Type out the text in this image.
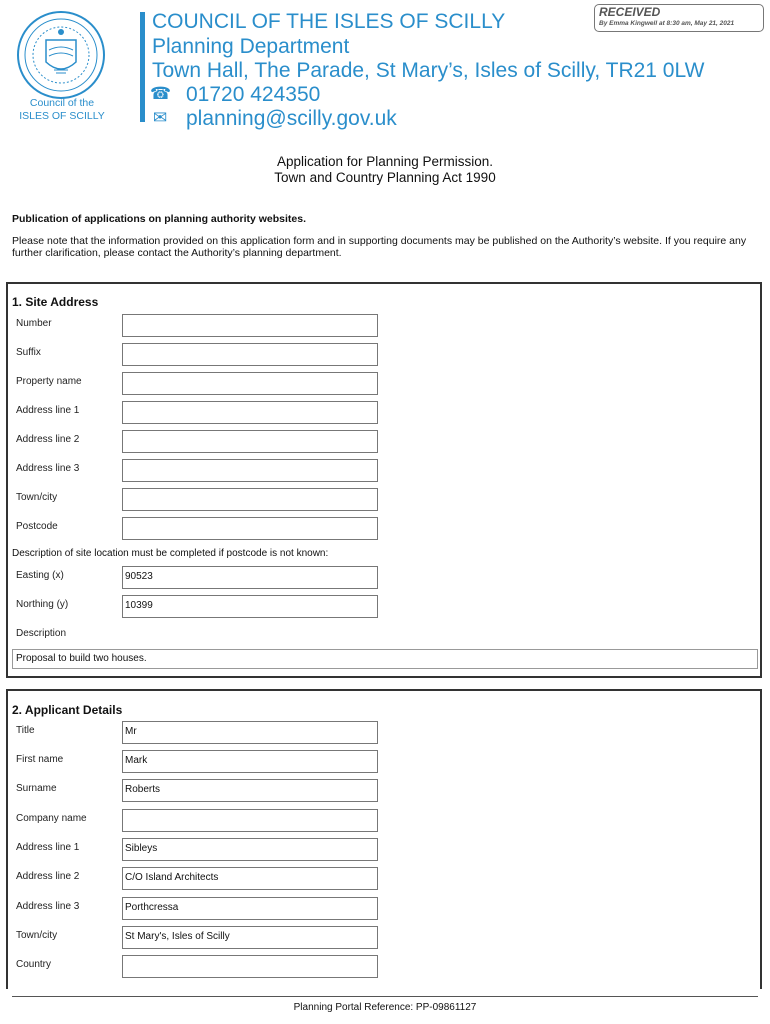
Council of the
ISLES OF SCILLY
COUNCIL OF THE ISLES OF SCILLY
Planning Department
Town Hall, The Parade, St Mary’s, Isles of Scilly, TR21 0LW
☎ 01720 424350
✉ planning@scilly.gov.uk
RECEIVED
By Emma Kingwell at 8:30 am, May 21, 2021
Application for Planning Permission.
Town and Country Planning Act 1990
Publication of applications on planning authority websites.
Please note that the information provided on this application form and in supporting documents may be published on the Authority’s website. If you require any further clarification, please contact the Authority’s planning department.
1. Site Address
Number
Suffix
Property name
Address line 1
Address line 2
Address line 3
Town/city
Postcode
Description of site location must be completed if postcode is not known:
Easting (x)	90523
Northing (y)	10399
Description
Proposal to build two houses.
2. Applicant Details
Title	Mr
First name	Mark
Surname	Roberts
Company name
Address line 1	Sibleys
Address line 2	C/O Island Architects
Address line 3	Porthcressa
Town/city	St Mary's, Isles of Scilly
Country
Planning Portal Reference: PP-09861127
